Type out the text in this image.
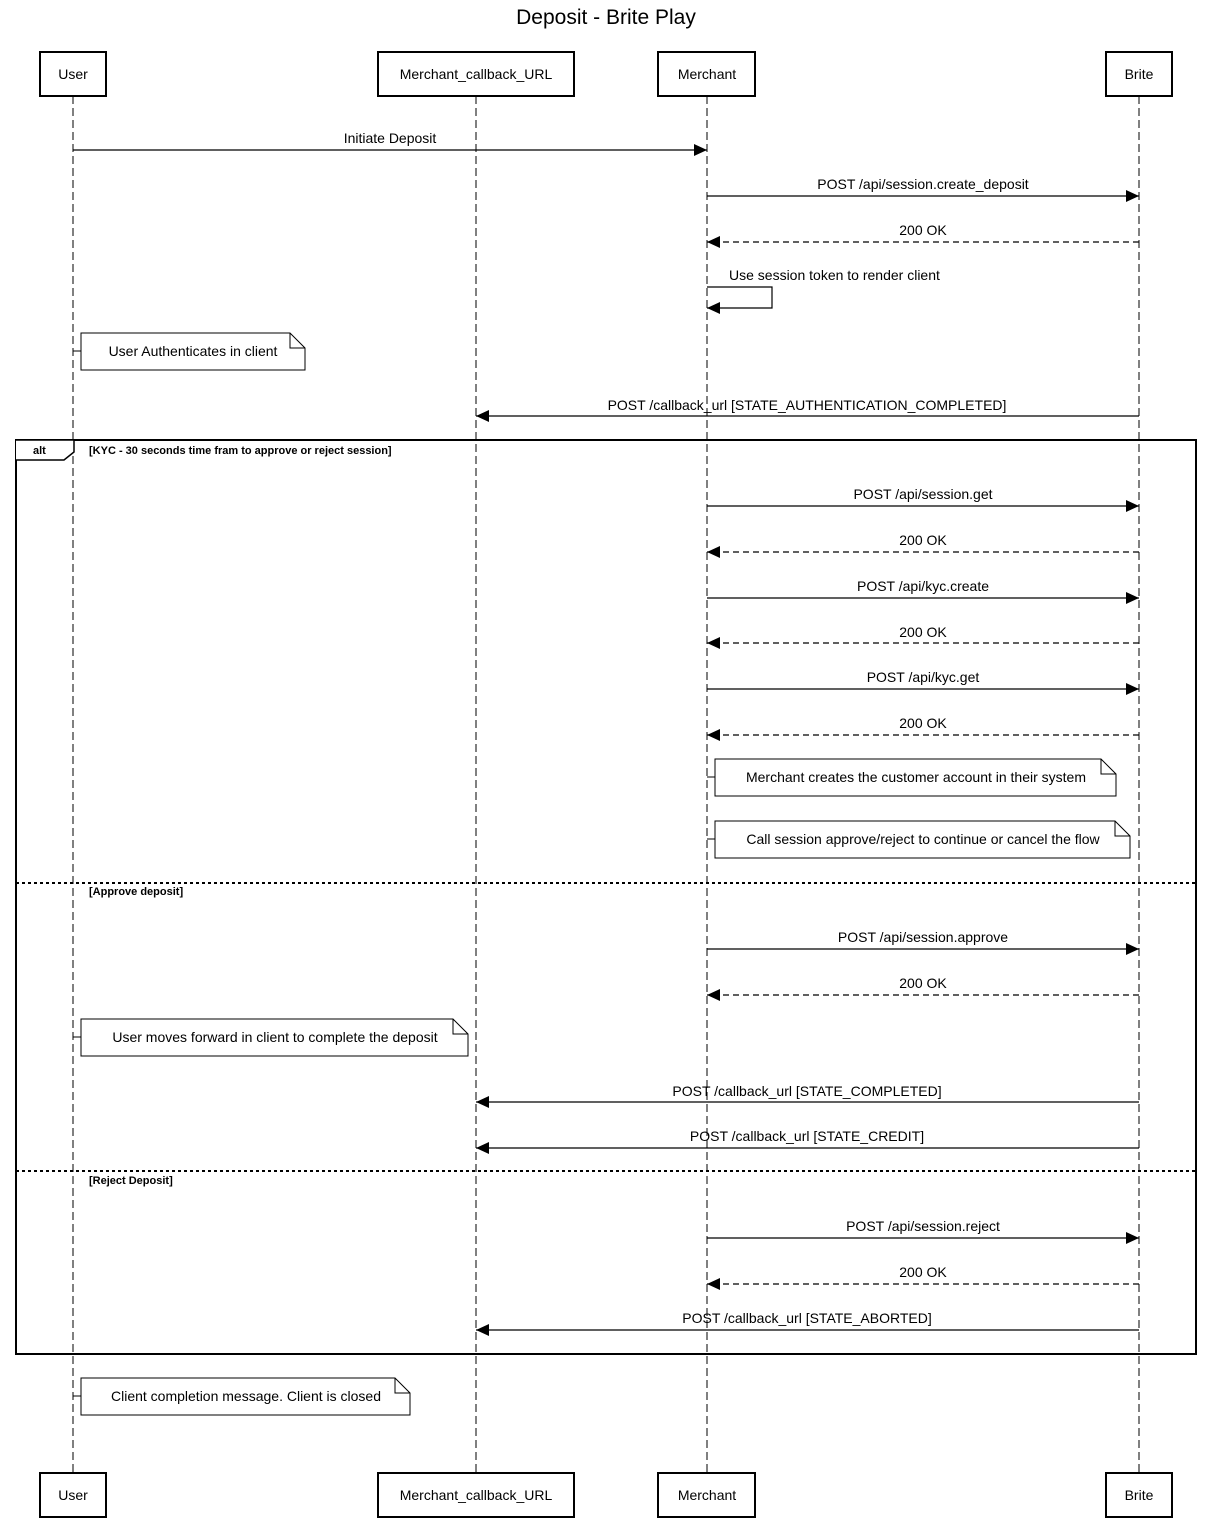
Deposit - Brite Play
User	Merchant_callback_URL	Merchant	Brite
User	Merchant_callback_URL	Merchant	Brite
alt	[KYC - 30 seconds time fram to approve or reject session]
[Approve deposit]
[Reject Deposit]
Initiate Deposit
POST /api/session.create_deposit
200 OK
Use session token to render client
POST /callback_url [STATE_AUTHENTICATION_COMPLETED]
POST /api/session.get
200 OK
POST /api/kyc.create
200 OK
POST /api/kyc.get
200 OK
POST /api/session.approve
200 OK
POST /callback_url [STATE_COMPLETED]
POST /callback_url [STATE_CREDIT]
POST /api/session.reject
200 OK
POST /callback_url [STATE_ABORTED]
User Authenticates in client
Merchant creates the customer account in their system
Call session approve/reject to continue or cancel the flow
User moves forward in client to complete the deposit
Client completion message. Client is closed
